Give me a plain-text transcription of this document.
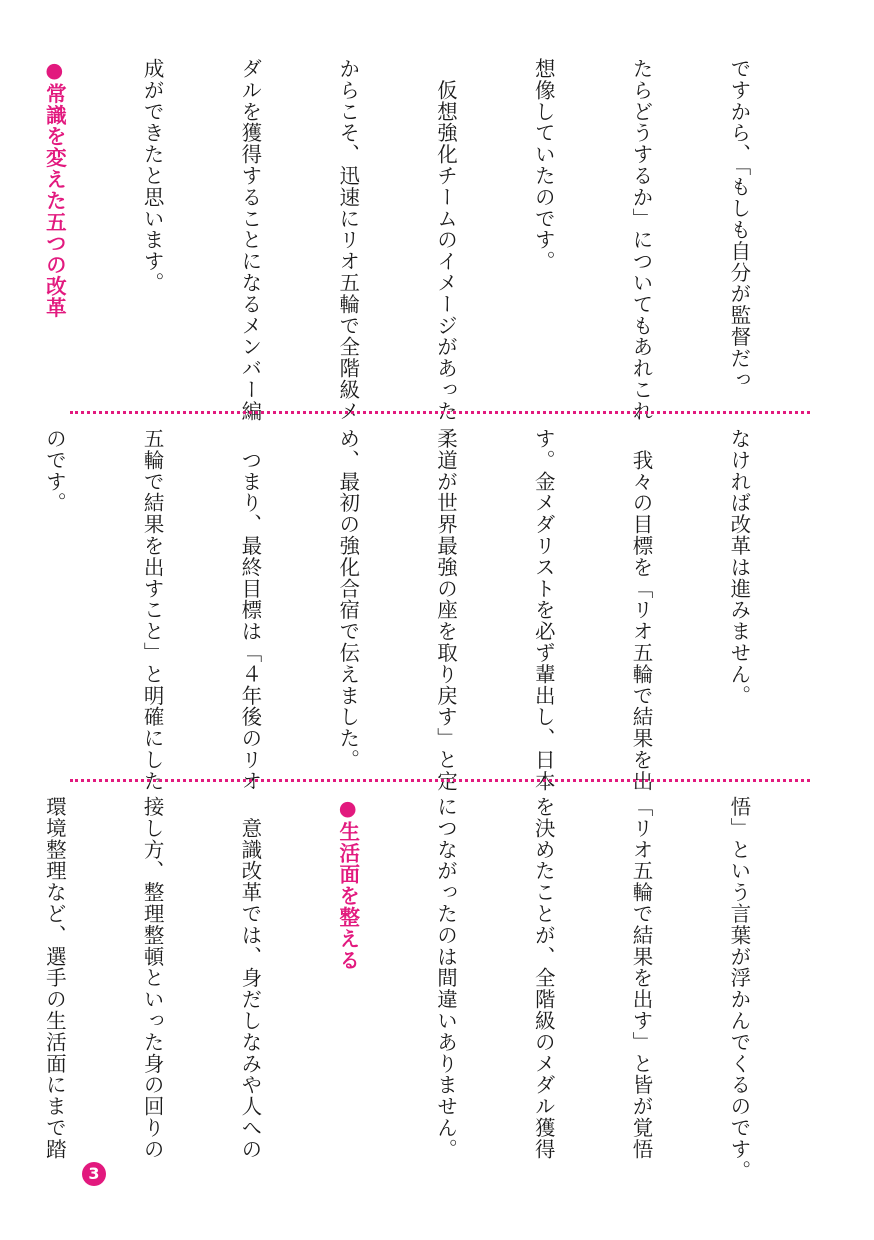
ですから、「もしも自分が監督だっ

たらどうするか」についてもあれこれ

想像していたのです。

　仮想強化チームのイメージがあった

からこそ、迅速にリオ五輪で全階級メ

ダルを獲得することになるメンバー編

成ができたと思います。

●常識を変えた五つの改革

なければ改革は進みません。

　我々の目標を「リオ五輪で結果を出

す。金メダリストを必ず輩出し、日本

柔道が世界最強の座を取り戻す」と定

め、最初の強化合宿で伝えました。

　つまり、最終目標は「４年後のリオ

五輪で結果を出すこと」と明確にした

のです。

悟」という言葉が浮かんでくるのです。

「リオ五輪で結果を出す」と皆が覚悟

を決めたことが、全階級のメダル獲得

につながったのは間違いありません。

●生活面を整える

　意識改革では、身だしなみや人への

接し方、整理整頓といった身の回りの

環境整理など、選手の生活面にまで踏

3
